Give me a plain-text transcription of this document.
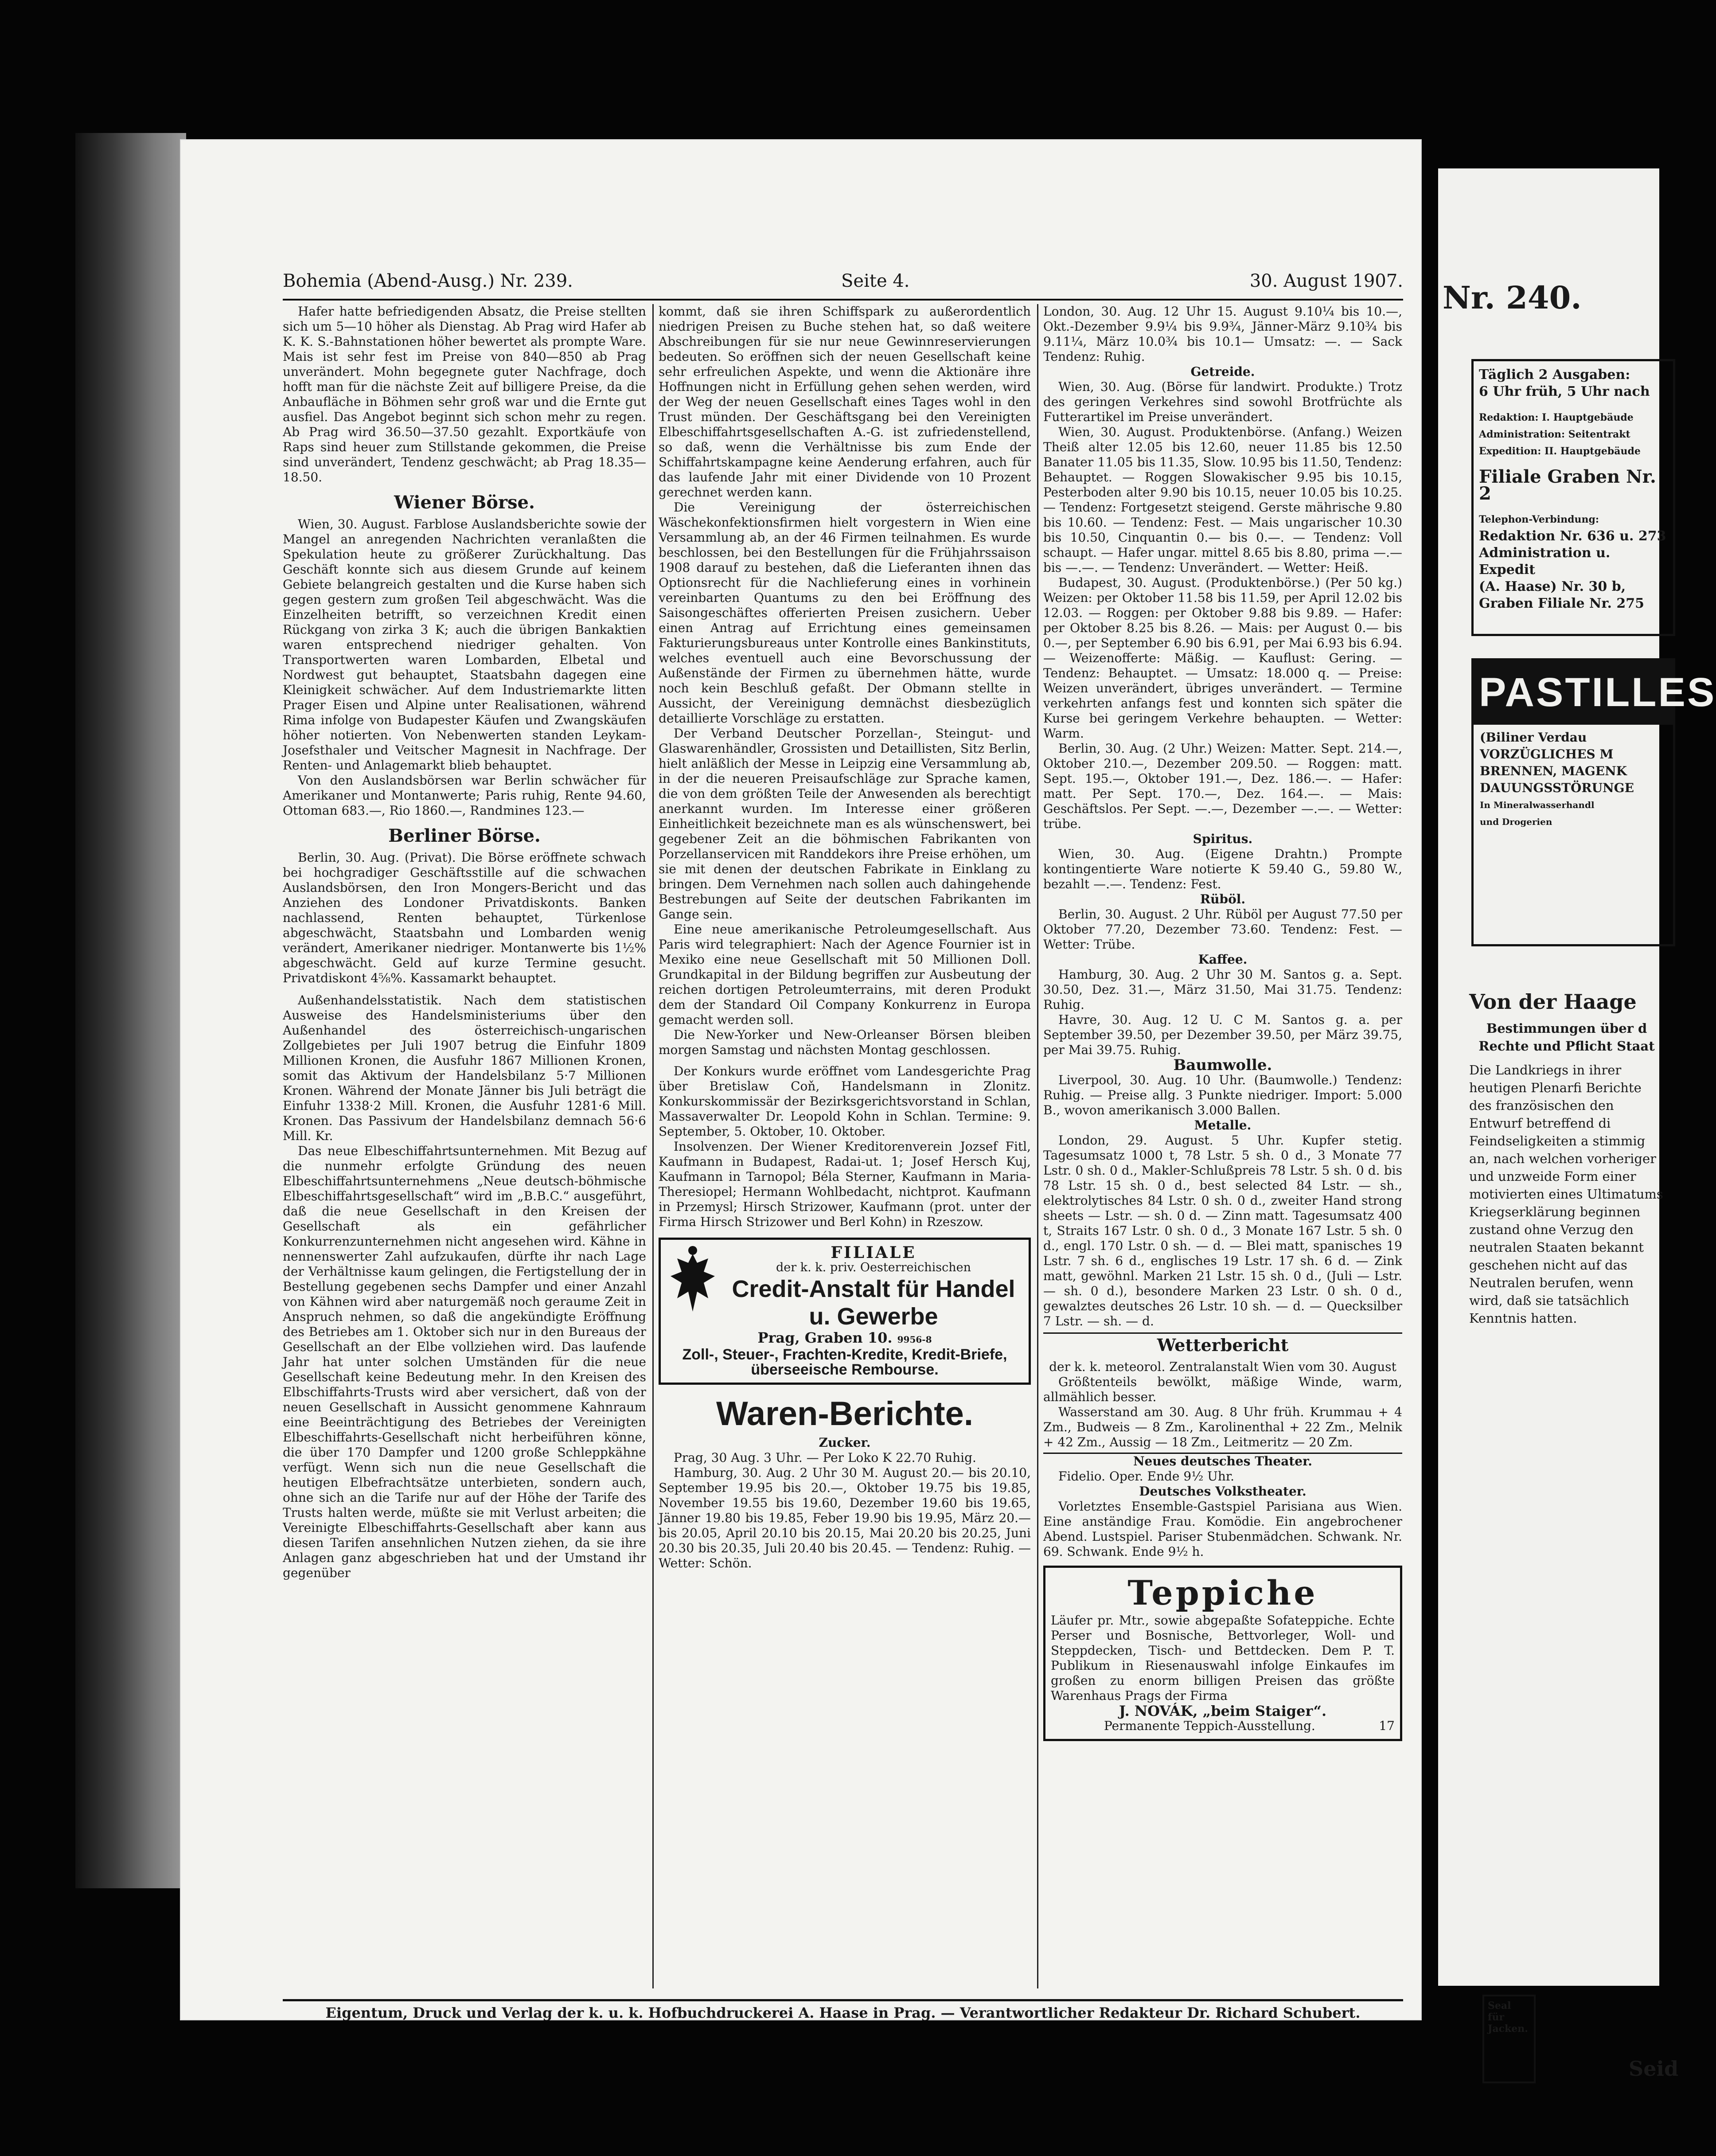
Bohemia (Abend-Ausg.) Nr. 239.	Seite 4.	30. August 1907.

Hafer hatte befriedigenden Absatz, die Preise stellten sich um 5—10 höher als Dienstag. Ab Prag wird Hafer ab K. K. S.-Bahnstationen höher bewertet als prompte Ware. Mais ist sehr fest im Preise von 840—850 ab Prag unverändert. Mohn begegnete guter Nachfrage, doch hofft man für die nächste Zeit auf billigere Preise, da die Anbaufläche in Böhmen sehr groß war und die Ernte gut ausfiel. Das Angebot beginnt sich schon mehr zu regen. Ab Prag wird 36.50—37.50 gezahlt. Exportkäufe von Raps sind heuer zum Stillstande gekommen, die Preise sind unverändert, Tendenz geschwächt; ab Prag 18.35—18.50.

Wiener Börse.

Wien, 30. August. Farblose Auslandsberichte sowie der Mangel an anregenden Nachrichten veranlaßten die Spekulation heute zu größerer Zurückhaltung. Das Geschäft konnte sich aus diesem Grunde auf keinem Gebiete belangreich gestalten und die Kurse haben sich gegen gestern zum großen Teil abgeschwächt. Was die Einzelheiten betrifft, so verzeichnen Kredit einen Rückgang von zirka 3 K; auch die übrigen Bankaktien waren entsprechend niedriger gehalten. Von Transportwerten waren Lombarden, Elbetal und Nordwest gut behauptet, Staatsbahn dagegen eine Kleinigkeit schwächer. Auf dem Industriemarkte litten Prager Eisen und Alpine unter Realisationen, während Rima infolge von Budapester Käufen und Zwangskäufen höher notierten. Von Nebenwerten standen Leykam-Josefsthaler und Veitscher Magnesit in Nachfrage. Der Renten- und Anlagemarkt blieb behauptet.

Von den Auslandsbörsen war Berlin schwächer für Amerikaner und Montanwerte; Paris ruhig, Rente 94.60, Ottoman 683.—, Rio 1860.—, Randmines 123.—

Berliner Börse.

Berlin, 30. Aug. (Privat). Die Börse eröffnete schwach bei hochgradiger Geschäftsstille auf die schwachen Auslandsbörsen, den Iron Mongers-Bericht und das Anziehen des Londoner Privatdiskonts. Banken nachlassend, Renten behauptet, Türkenlose abgeschwächt, Staatsbahn und Lombarden wenig verändert, Amerikaner niedriger. Montanwerte bis 1½% abgeschwächt. Geld auf kurze Termine gesucht. Privatdiskont 4⅝%. Kassamarkt behauptet.

Außenhandelsstatistik. Nach dem statistischen Ausweise des Handelsministeriums über den Außenhandel des österreichisch-ungarischen Zollgebietes per Juli 1907 betrug die Einfuhr 1809 Millionen Kronen, die Ausfuhr 1867 Millionen Kronen, somit das Aktivum der Handelsbilanz 5·7 Millionen Kronen. Während der Monate Jänner bis Juli beträgt die Einfuhr 1338·2 Mill. Kronen, die Ausfuhr 1281·6 Mill. Kronen. Das Passivum der Handelsbilanz demnach 56·6 Mill. Kr.

Das neue Elbeschiffahrtsunternehmen. Mit Bezug auf die nunmehr erfolgte Gründung des neuen Elbeschiffahrtsunternehmens „Neue deutsch-böhmische Elbeschiffahrtsgesellschaft“ wird im „B.B.C.“ ausgeführt, daß die neue Gesellschaft in den Kreisen der Gesellschaft als ein gefährlicher Konkurrenzunternehmen nicht angesehen wird. Kähne in nennenswerter Zahl aufzukaufen, dürfte ihr nach Lage der Verhältnisse kaum gelingen, die Fertigstellung der in Bestellung gegebenen sechs Dampfer und einer Anzahl von Kähnen wird aber naturgemäß noch geraume Zeit in Anspruch nehmen, so daß die angekündigte Eröffnung des Betriebes am 1. Oktober sich nur in den Bureaus der Gesellschaft an der Elbe vollziehen wird. Das laufende Jahr hat unter solchen Umständen für die neue Gesellschaft keine Bedeutung mehr. In den Kreisen des Elbschiffahrts-Trusts wird aber versichert, daß von der neuen Gesellschaft in Aussicht genommene Kahnraum eine Beeinträchtigung des Betriebes der Vereinigten Elbeschiffahrts-Gesellschaft nicht herbeiführen könne, die über 170 Dampfer und 1200 große Schleppkähne verfügt. Wenn sich nun die neue Gesellschaft die heutigen Elbefrachtsätze unterbieten, sondern auch, ohne sich an die Tarife nur auf der Höhe der Tarife des Trusts halten werde, müßte sie mit Verlust arbeiten; die Vereinigte Elbeschiffahrts-Gesellschaft aber kann aus diesen Tarifen ansehnlichen Nutzen ziehen, da sie ihre Anlagen ganz abgeschrieben hat und der Umstand ihr gegenüber

kommt, daß sie ihren Schiffspark zu außerordentlich niedrigen Preisen zu Buche stehen hat, so daß weitere Abschreibungen für sie nur neue Gewinnreservierungen bedeuten. So eröffnen sich der neuen Gesellschaft keine sehr erfreulichen Aspekte, und wenn die Aktionäre ihre Hoffnungen nicht in Erfüllung gehen sehen werden, wird der Weg der neuen Gesellschaft eines Tages wohl in den Trust münden. Der Geschäftsgang bei den Vereinigten Elbeschiffahrtsgesellschaften A.-G. ist zufriedenstellend, so daß, wenn die Verhältnisse bis zum Ende der Schiffahrtskampagne keine Aenderung erfahren, auch für das laufende Jahr mit einer Dividende von 10 Prozent gerechnet werden kann.

Die Vereinigung der österreichischen Wäschekonfektionsfirmen hielt vorgestern in Wien eine Versammlung ab, an der 46 Firmen teilnahmen. Es wurde beschlossen, bei den Bestellungen für die Frühjahrssaison 1908 darauf zu bestehen, daß die Lieferanten ihnen das Optionsrecht für die Nachlieferung eines in vorhinein vereinbarten Quantums zu den bei Eröffnung des Saisongeschäftes offerierten Preisen zusichern. Ueber einen Antrag auf Errichtung eines gemeinsamen Fakturierungsbureaus unter Kontrolle eines Bankinstituts, welches eventuell auch eine Bevorschussung der Außenstände der Firmen zu übernehmen hätte, wurde noch kein Beschluß gefaßt. Der Obmann stellte in Aussicht, der Vereinigung demnächst diesbezüglich detaillierte Vorschläge zu erstatten.

Der Verband Deutscher Porzellan-, Steingut- und Glaswarenhändler, Grossisten und Detaillisten, Sitz Berlin, hielt anläßlich der Messe in Leipzig eine Versammlung ab, in der die neueren Preisaufschläge zur Sprache kamen, die von dem größten Teile der Anwesenden als berechtigt anerkannt wurden. Im Interesse einer größeren Einheitlichkeit bezeichnete man es als wünschenswert, bei gegebener Zeit an die böhmischen Fabrikanten von Porzellanservicen mit Randdekors ihre Preise erhöhen, um sie mit denen der deutschen Fabrikate in Einklang zu bringen. Dem Vernehmen nach sollen auch dahingehende Bestrebungen auf Seite der deutschen Fabrikanten im Gange sein.

Eine neue amerikanische Petroleumgesellschaft. Aus Paris wird telegraphiert: Nach der Agence Fournier ist in Mexiko eine neue Gesellschaft mit 50 Millionen Doll. Grundkapital in der Bildung begriffen zur Ausbeutung der reichen dortigen Petroleumterrains, mit deren Produkt dem der Standard Oil Company Konkurrenz in Europa gemacht werden soll.

Die New-Yorker und New-Orleanser Börsen bleiben morgen Samstag und nächsten Montag geschlossen.

Der Konkurs wurde eröffnet vom Landesgerichte Prag über Bretislaw Coň, Handelsmann in Zlonitz. Konkurskommissär der Bezirksgerichtsvorstand in Schlan, Massaverwalter Dr. Leopold Kohn in Schlan. Termine: 9. September, 5. Oktober, 10. Oktober.

Insolvenzen. Der Wiener Kreditorenverein Jozsef Fitl, Kaufmann in Budapest, Radai-ut. 1; Josef Hersch Kuj, Kaufmann in Tarnopol; Béla Sterner, Kaufmann in Maria-Theresiopel; Hermann Wohlbedacht, nichtprot. Kaufmann in Przemysl; Hirsch Strizower, Kaufmann (prot. unter der Firma Hirsch Strizower und Berl Kohn) in Rzeszow.

FILIALE
der k. k. priv. Oesterreichischen
Credit-Anstalt für Handel u. Gewerbe
Prag, Graben 10. 9956-8
Zoll-, Steuer-, Frachten-Kredite, Kredit-Briefe, überseeische Rembourse.
Waren-Berichte.
Zucker.

Prag, 30 Aug. 3 Uhr. — Per Loko K 22.70 Ruhig.

Hamburg, 30. Aug. 2 Uhr 30 M. August 20.— bis 20.10, September 19.95 bis 20.—, Oktober 19.75 bis 19.85, November 19.55 bis 19.60, Dezember 19.60 bis 19.65, Jänner 19.80 bis 19.85, Feber 19.90 bis 19.95, März 20.— bis 20.05, April 20.10 bis 20.15, Mai 20.20 bis 20.25, Juni 20.30 bis 20.35, Juli 20.40 bis 20.45. — Tendenz: Ruhig. — Wetter: Schön.

London, 30. Aug. 12 Uhr 15. August 9.10¼ bis 10.—, Okt.-Dezember 9.9¼ bis 9.9¾, Jänner-März 9.10¾ bis 9.11¼, März 10.0¾ bis 10.1— Umsatz: —. — Sack Tendenz: Ruhig.

Getreide.

Wien, 30. Aug. (Börse für landwirt. Produkte.) Trotz des geringen Verkehres sind sowohl Brotfrüchte als Futterartikel im Preise unverändert.

Wien, 30. August. Produktenbörse. (Anfang.) Weizen Theiß alter 12.05 bis 12.60, neuer 11.85 bis 12.50 Banater 11.05 bis 11.35, Slow. 10.95 bis 11.50, Tendenz: Behauptet. — Roggen Slowakischer 9.95 bis 10.15, Pesterboden alter 9.90 bis 10.15, neuer 10.05 bis 10.25. — Tendenz: Fortgesetzt steigend. Gerste mährische 9.80 bis 10.60. — Tendenz: Fest. — Mais ungarischer 10.30 bis 10.50, Cinquantin 0.— bis 0.—. — Tendenz: Voll schaupt. — Hafer ungar. mittel 8.65 bis 8.80, prima —.— bis —.—. — Tendenz: Unverändert. — Wetter: Heiß.

Budapest, 30. August. (Produktenbörse.) (Per 50 kg.) Weizen: per Oktober 11.58 bis 11.59, per April 12.02 bis 12.03. — Roggen: per Oktober 9.88 bis 9.89. — Hafer: per Oktober 8.25 bis 8.26. — Mais: per August 0.— bis 0.—, per September 6.90 bis 6.91, per Mai 6.93 bis 6.94. — Weizenofferte: Mäßig. — Kauflust: Gering. — Tendenz: Behauptet. — Umsatz: 18.000 q. — Preise: Weizen unverändert, übriges unverändert. — Termine verkehrten anfangs fest und konnten sich später die Kurse bei geringem Verkehre behaupten. — Wetter: Warm.

Berlin, 30. Aug. (2 Uhr.) Weizen: Matter. Sept. 214.—, Oktober 210.—, Dezember 209.50. — Roggen: matt. Sept. 195.—, Oktober 191.—, Dez. 186.—. — Hafer: matt. Per Sept. 170.—, Dez. 164.—. — Mais: Geschäftslos. Per Sept. —.—, Dezember —.—. — Wetter: trübe.

Spiritus.

Wien, 30. Aug. (Eigene Drahtn.) Prompte kontingentierte Ware notierte K 59.40 G., 59.80 W., bezahlt —.—. Tendenz: Fest.

Rüböl.

Berlin, 30. August. 2 Uhr. Rüböl per August 77.50 per Oktober 77.20, Dezember 73.60. Tendenz: Fest. — Wetter: Trübe.

Kaffee.

Hamburg, 30. Aug. 2 Uhr 30 M. Santos g. a. Sept. 30.50, Dez. 31.—, März 31.50, Mai 31.75. Tendenz: Ruhig.

Havre, 30. Aug. 12 U. C M. Santos g. a. per September 39.50, per Dezember 39.50, per März 39.75, per Mai 39.75. Ruhig.

Baumwolle.

Liverpool, 30. Aug. 10 Uhr. (Baumwolle.) Tendenz: Ruhig. — Preise allg. 3 Punkte niedriger. Import: 5.000 B., wovon amerikanisch 3.000 Ballen.

Metalle.

London, 29. August. 5 Uhr. Kupfer stetig. Tagesumsatz 1000 t, 78 Lstr. 5 sh. 0 d., 3 Monate 77 Lstr. 0 sh. 0 d., Makler-Schlußpreis 78 Lstr. 5 sh. 0 d. bis 78 Lstr. 15 sh. 0 d., best selected 84 Lstr. — sh., elektrolytisches 84 Lstr. 0 sh. 0 d., zweiter Hand strong sheets — Lstr. — sh. 0 d. — Zinn matt. Tagesumsatz 400 t, Straits 167 Lstr. 0 sh. 0 d., 3 Monate 167 Lstr. 5 sh. 0 d., engl. 170 Lstr. 0 sh. — d. — Blei matt, spanisches 19 Lstr. 7 sh. 6 d., englisches 19 Lstr. 17 sh. 6 d. — Zink matt, gewöhnl. Marken 21 Lstr. 15 sh. 0 d., (Juli — Lstr. — sh. 0 d.), besondere Marken 23 Lstr. 0 sh. 0 d., gewalztes deutsches 26 Lstr. 10 sh. — d. — Quecksilber 7 Lstr. — sh. — d.

Wetterbericht
der k. k. meteorol. Zentralanstalt Wien vom 30. August

Größtenteils bewölkt, mäßige Winde, warm, allmählich besser.

Wasserstand am 30. Aug. 8 Uhr früh. Krummau + 4 Zm., Budweis — 8 Zm., Karolinenthal + 22 Zm., Melnik + 42 Zm., Aussig — 18 Zm., Leitmeritz — 20 Zm.

Neues deutsches Theater.

Fidelio. Oper. Ende 9½ Uhr.

Deutsches Volkstheater.

Vorletztes Ensemble-Gastspiel Parisiana aus Wien. Eine anständige Frau. Komödie. Ein angebrochener Abend. Lustspiel. Pariser Stubenmädchen. Schwank. Nr. 69. Schwank. Ende 9½ h.

Teppiche

Läufer pr. Mtr., sowie abgepaßte Sofateppiche. Echte Perser und Bosnische, Bettvorleger, Woll- und Steppdecken, Tisch- und Bettdecken. Dem P. T. Publikum in Riesenauswahl infolge Einkaufes im großen zu enorm billigen Preisen das größte Warenhaus Prags der Firma

J. NOVÁK, „beim Staiger“.
Permanente Teppich-Ausstellung.	17
Eigentum, Druck und Verlag der k. u. k. Hofbuchdruckerei A. Haase in Prag. — Verantwortlicher Redakteur Dr. Richard Schubert.
Nr. 240.
Täglich 2 Ausgaben:
6 Uhr früh, 5 Uhr nach
Redaktion: I. Hauptgebäude
Administration: Seitentrakt
Expedition: II. Hauptgebäude
Filiale Graben Nr. 2
Telephon-Verbindung:
Redaktion Nr. 636 u. 273
Administration u. Expedit
(A. Haase) Nr. 30 b,
Graben Filiale Nr. 275
PASTILLES
(Biliner Verdau
VORZÜGLICHES M
BRENNEN, MAGENK
DAUUNGSSTÖRUNGE
In Mineralwasserhandl
und Drogerien
Von der Haage
Bestimmungen über d Rechte und Pflicht Staat
Die Landkriegs in ihrer heutigen Plenarfi Berichte des französischen den Entwurf betreffend di Feindseligkeiten a stimmig an, nach welchen vorheriger und unzweide Form einer motivierten eines Ultimatums Kriegserklärung beginnen zustand ohne Verzug den neutralen Staaten bekannt geschehen nicht auf das Neutralen berufen, wenn wird, daß sie tatsächlich Kenntnis hatten.
Seal für Jacken.
Seid
